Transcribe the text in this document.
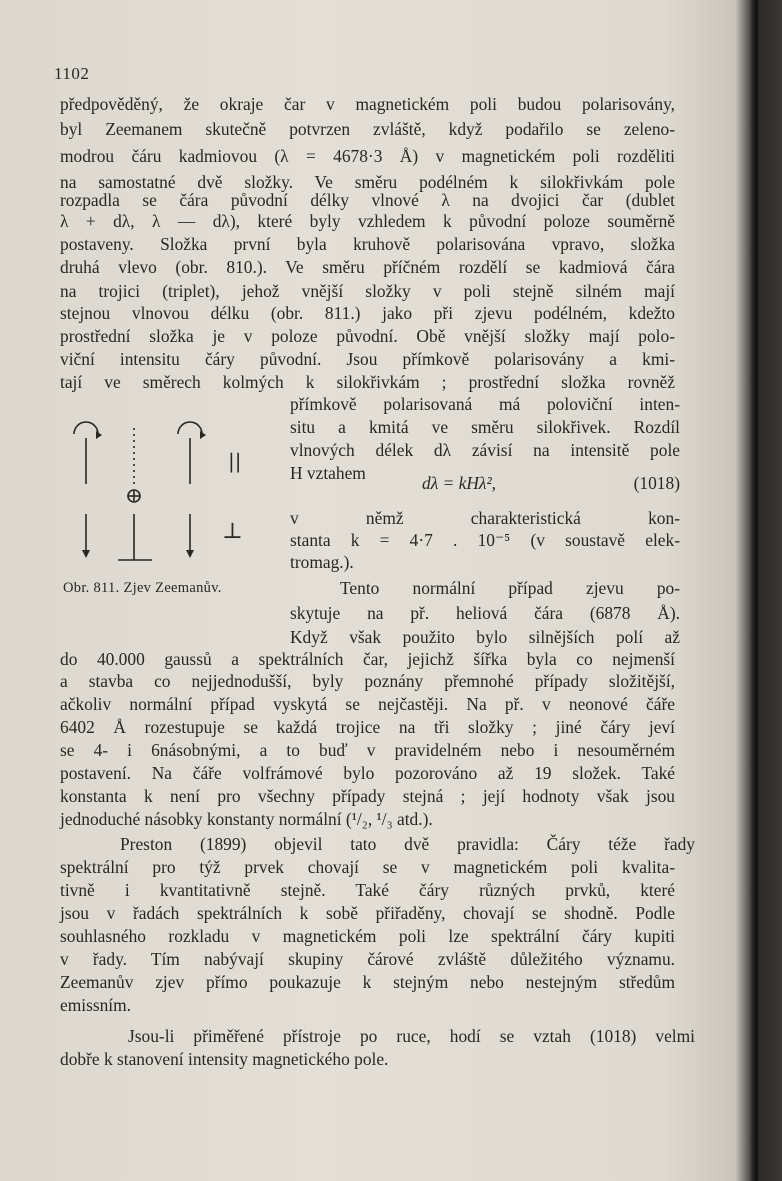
1102
předpověděný, že okraje čar v magnetickém poli budou polarisovány,
byl Zeemanem skutečně potvrzen zvláště, když podařilo se zeleno-
modrou čáru kadmiovou (λ = 4678·3 Å) v magnetickém poli rozděliti
na samostatné dvě složky. Ve směru podélném k silokřivkám pole
rozpadla se čára původní délky vlnové λ na dvojici čar (dublet
λ + dλ, λ — dλ), které byly vzhledem k původní poloze souměrně
postaveny. Složka první byla kruhově polarisována vpravo, složka
druhá vlevo (obr. 810.). Ve směru příčném rozdělí se kadmiová čára
na trojici (triplet), jehož vnější složky v poli stejně silném mají
stejnou vlnovou délku (obr. 811.) jako při zjevu podélném, kdežto
prostřední složka je v poloze původní. Obě vnější složky mají polo-
viční intensitu čáry původní. Jsou přímkově polarisovány a kmi-
tají ve směrech kolmých k silokřivkám ; prostřední složka rovněž
přímkově polarisovaná má poloviční inten-
situ a kmitá ve směru silokřivek. Rozdíl
vlnových délek dλ závisí na intensitě pole
H vztahem	dλ = kHλ²,	(1018)
v němž charakteristická kon-
stanta k = 4·7 . 10⁻⁵ (v soustavě elek-
tromag.).
Tento normální případ zjevu po-
skytuje na př. heliová čára (6878 Å).
Když však použito bylo silnějších polí až
do 40.000 gaussů a spektrálních čar, jejichž šířka byla co nejmenší
a stavba co nejjednodušší, byly poznány přemnohé případy složitější,
ačkoliv normální případ vyskytá se nejčastěji. Na př. v neonové čáře
6402 Å rozestupuje se každá trojice na tři složky ; jiné čáry jeví
se 4- i 6násobnými, a to buď v pravidelném nebo i nesouměrném
postavení. Na čáře volfrámové bylo pozorováno až 19 složek. Také
konstanta k není pro všechny případy stejná ; její hodnoty však jsou
jednoduché násobky konstanty normální (¹/₂, ¹/₃ atd.).
Preston (1899) objevil tato dvě pravidla: Čáry téže řady
spektrální pro týž prvek chovají se v magnetickém poli kvalita-
tivně i kvantitativně stejně. Také čáry různých prvků, které
jsou v řadách spektrálních k sobě přiřaděny, chovají se shodně. Podle
souhlasného rozkladu v magnetickém poli lze spektrální čáry kupiti
v řady. Tím nabývají skupiny čárové zvláště důležitého významu.
Zeemanův zjev přímo poukazuje k stejným nebo nestejným středům
emissním.
Jsou-li přiměřené přístroje po ruce, hodí se vztah (1018) velmi
dobře k stanovení intensity magnetického pole.
||
⊥
Obr. 811. Zjev Zeemanův.
